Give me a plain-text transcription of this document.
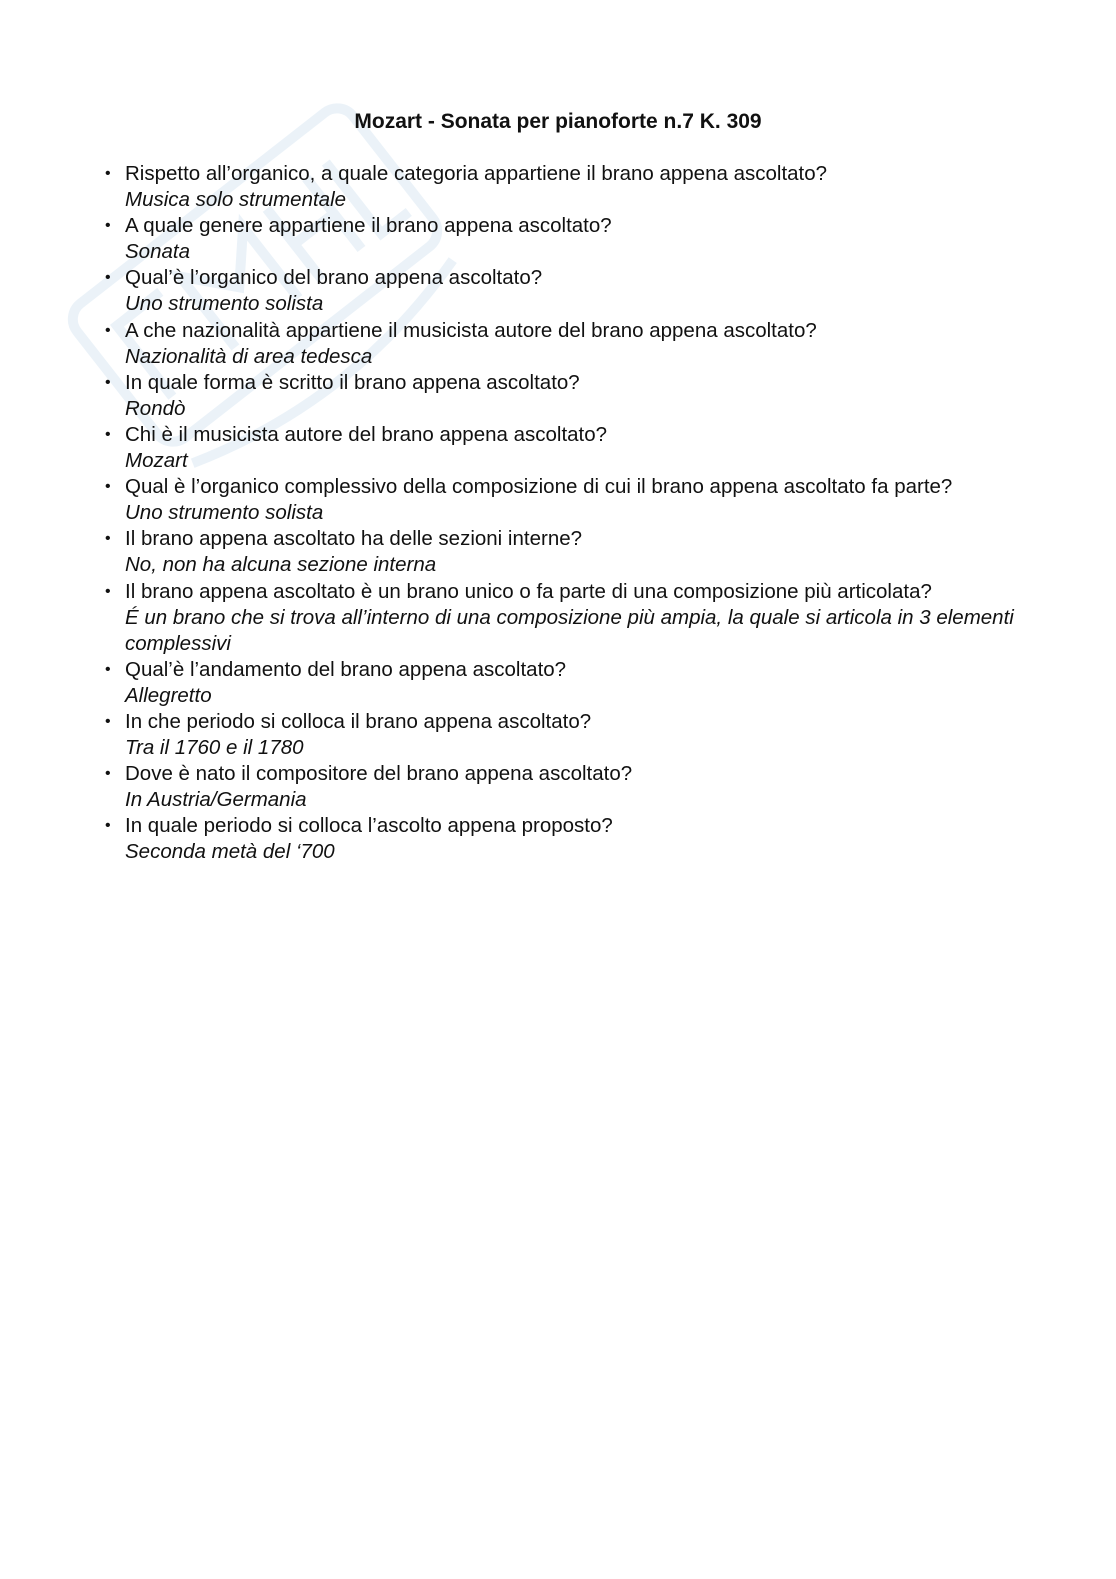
Mozart - Sonata per pianoforte n.7 K. 309
• Rispetto all’organico, a quale categoria appartiene il brano appena ascoltato?
Musica solo strumentale
• A quale genere appartiene il brano appena ascoltato?
Sonata
• Qual’è l’organico del brano appena ascoltato?
Uno strumento solista
• A che nazionalità appartiene il musicista autore del brano appena ascoltato?
Nazionalità di area tedesca
• In quale forma è scritto il brano appena ascoltato?
Rondò
• Chi è il musicista autore del brano appena ascoltato?
Mozart
• Qual è l’organico complessivo della composizione di cui il brano appena ascoltato fa parte?
Uno strumento solista
• Il brano appena ascoltato ha delle sezioni interne?
No, non ha alcuna sezione interna
• Il brano appena ascoltato è un brano unico o fa parte di una composizione più articolata?
É un brano che si trova all’interno di una composizione più ampia, la quale si articola in 3 elementi complessivi
• Qual’è l’andamento del brano appena ascoltato?
Allegretto
• In che periodo si colloca il brano appena ascoltato?
Tra il 1760 e il 1780
• Dove è nato il compositore del brano appena ascoltato?
In Austria/Germania
• In quale periodo si colloca l’ascolto appena proposto?
Seconda metà del ‘700
